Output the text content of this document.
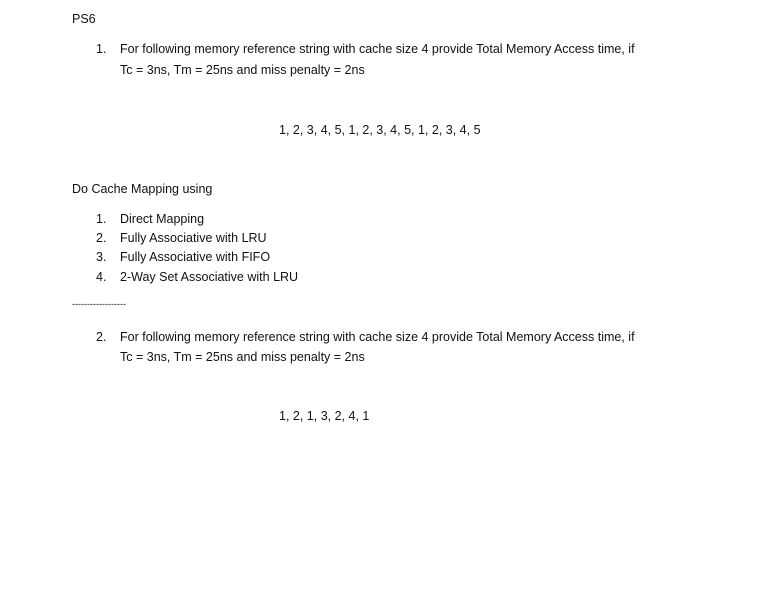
PS6
1.	For following memory reference string with cache size 4 provide Total Memory Access time, if
Tc = 3ns, Tm = 25ns and miss penalty = 2ns
1, 2, 3, 4, 5, 1, 2, 3, 4, 5, 1, 2, 3, 4, 5
Do Cache Mapping using
1.	Direct Mapping
2.	Fully Associative with LRU
3.	Fully Associative with FIFO
4.	2-Way Set Associative with LRU
------------------
2.	For following memory reference string with cache size 4 provide Total Memory Access time, if
Tc = 3ns, Tm = 25ns and miss penalty = 2ns
1, 2, 1, 3, 2, 4, 1
